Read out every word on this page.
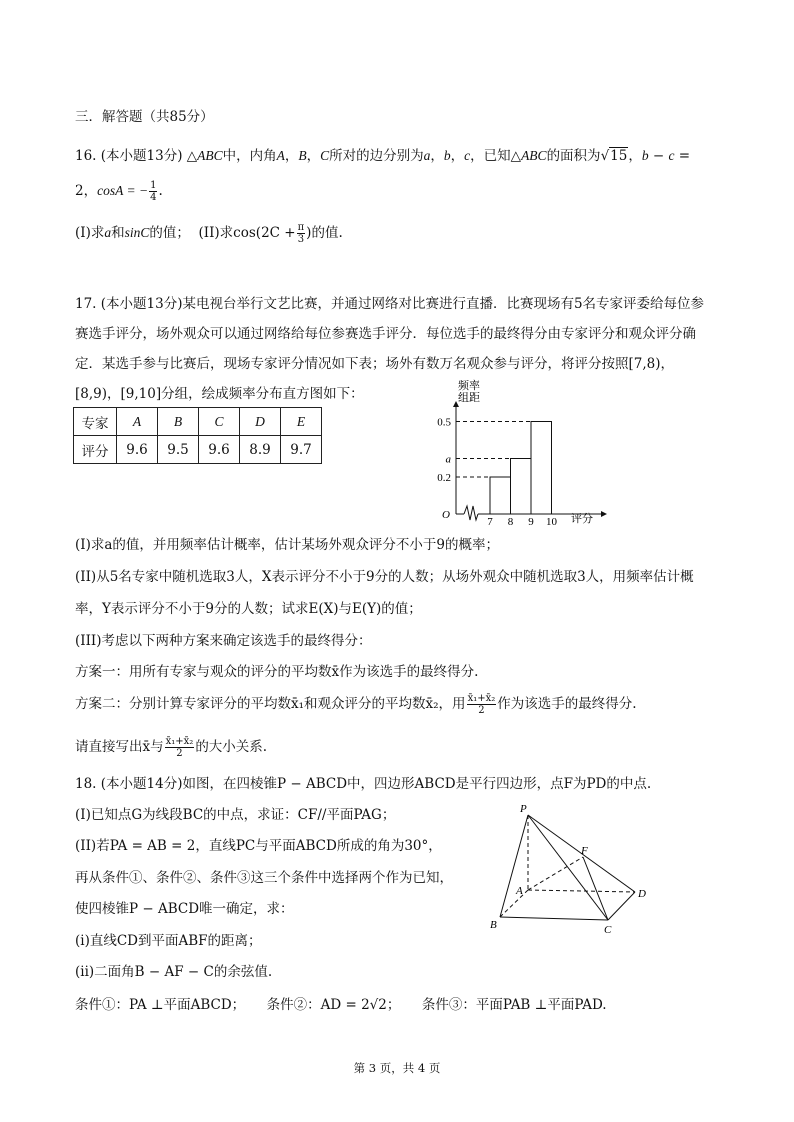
三．解答题（共85分）
16. (本小题13分) △ABC中，内角A，B，C所对的边分别为a，b，c，已知△ABC的面积为√15，b − c =
2，cosA = − $\frac{1}{4}$ .
(I)求a和sinC的值； (II)求$\cos(2C + \frac{\pi}{3}$ )的值.
17. (本小题13分)某电视台举行文艺比赛，并通过网络对比赛进行直播．比赛现场有5名专家评委给每位参
赛选手评分，场外观众可以通过网络给每位参赛选手评分．每位选手的最终得分由专家评分和观众评分确
定．某选手参与比赛后，现场专家评分情况如下表；场外有数万名观众参与评分，将评分按照[7,8)，
[8,9)，[9,10]分组，绘成频率分布直方图如下：
专家	A	B	C	D	E
评分	9.6	9.5	9.6	8.9	9.7
频率
组距
O
0.2
a
0.5
7 8 9 10 评分
(I)求a的值，并用频率估计概率，估计某场外观众评分不小于9的概率；
(II)从5名专家中随机选取3人，X表示评分不小于9分的人数；从场外观众中随机选取3人，用频率估计概
率，Y表示评分不小于9分的人数；试求E(X)与E(Y)的值；
(III)考虑以下两种方案来确定该选手的最终得分：
方案一：用所有专家与观众的评分的平均数x̄作为该选手的最终得分.
方案二：分别计算专家评分的平均数x̄₁和观众评分的平均数x̄₂，用 $\frac{\text{x̄₁+x̄₂}}{2}$ 作为该选手的最终得分.
请直接写出x̄与 $\frac{\text{x̄₁+x̄₂}}{2}$ 的大小关系.
18. (本小题14分)如图，在四棱锥P − ABCD中，四边形ABCD是平行四边形，点F为PD的中点.
(I)已知点G为线段BC的中点，求证：CF//平面PAG；
(II)若PA = AB = 2，直线PC与平面ABCD所成的角为30°，
再从条件①、条件②、条件③这三个条件中选择两个作为已知，
使四棱锥P − ABCD唯一确定，求：
(i)直线CD到平面ABF的距离；
(ii)二面角B − AF − C的余弦值.
条件①：PA ⊥平面ABCD； 条件②：AD = 2√2； 条件③：平面PAB ⊥平面PAD.
P
F
A	D
B	C
第 3 页，共 4 页
